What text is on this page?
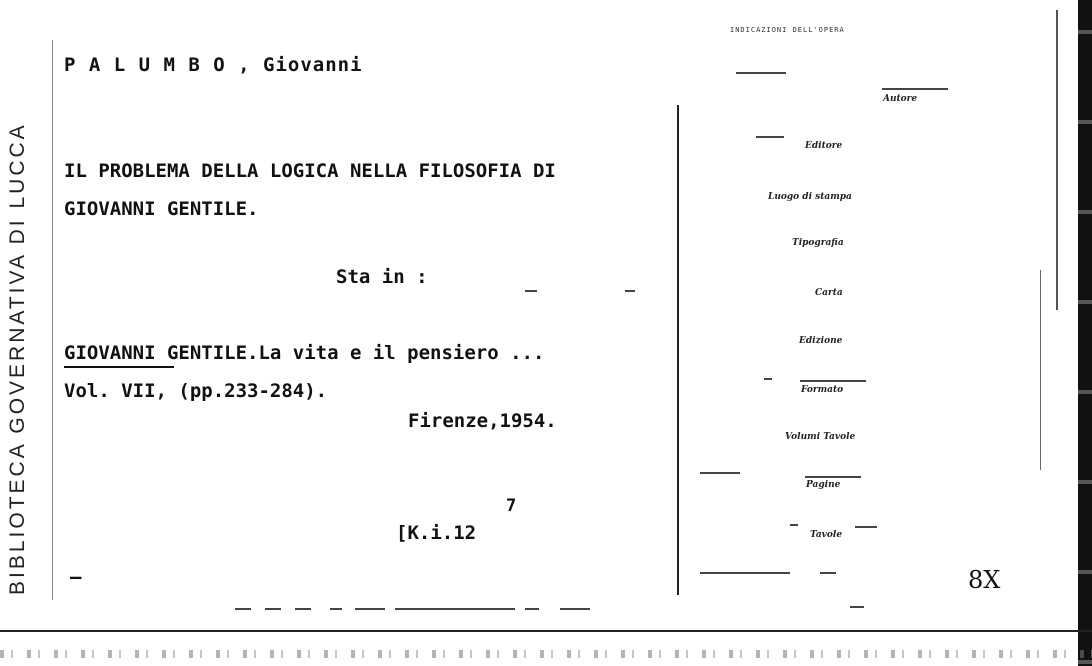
BIBLIOTECA GOVERNATIVA DI LUCCA
P A L U M B O , Giovanni
IL PROBLEMA DELLA LOGICA NELLA FILOSOFIA DI
GIOVANNI GENTILE.
Sta in :
GIOVANNI GENTILE.La vita e il pensiero ...
Vol. VII, (pp.233-284).
Firenze,1954.
[K.i.12
7
—
INDICAZIONI DELL'OPERA
Autore
Editore
Luogo di stampa
Tipografia
Carta
Edizione
Formato
Volumi Tavole
Pagine
Tavole
8X
